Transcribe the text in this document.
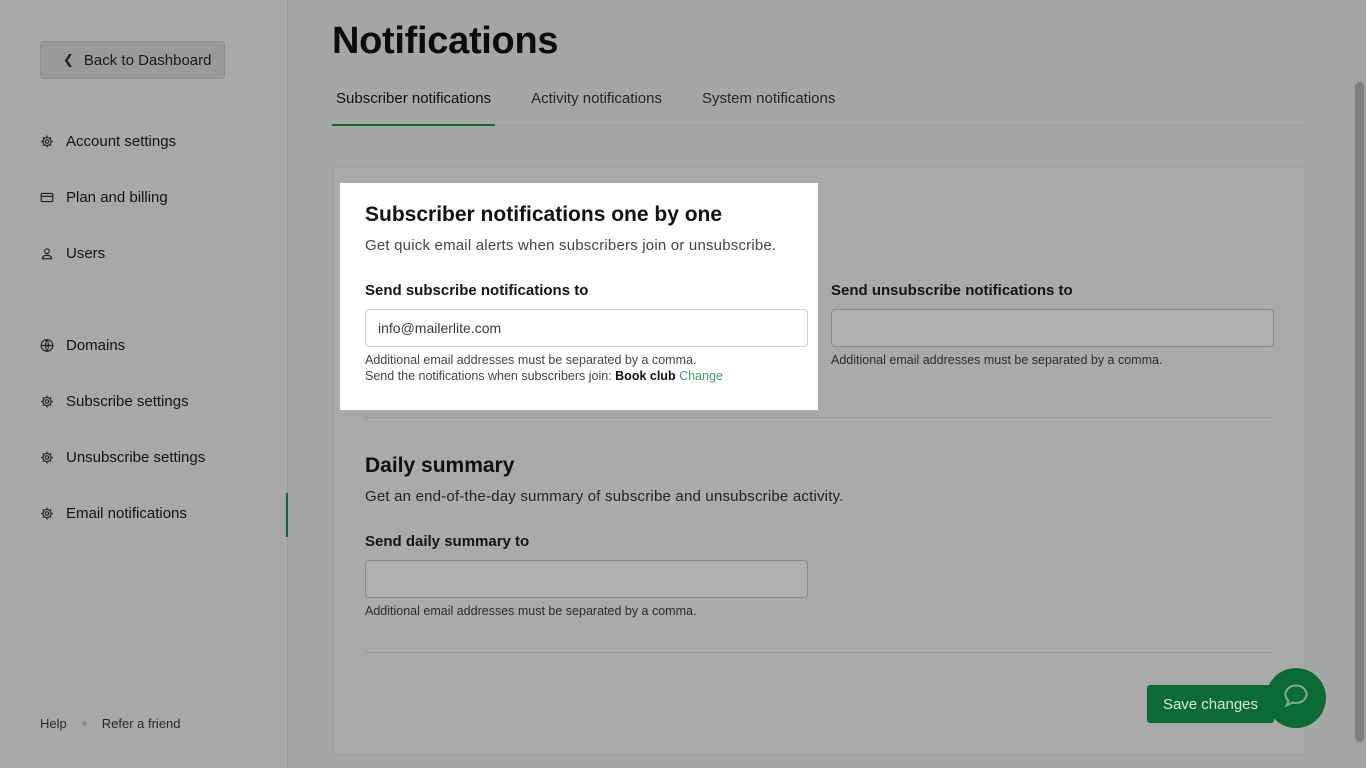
❮ Back to Dashboard
Account settings
Plan and billing
Users
Domains
Subscribe settings
Unsubscribe settings
Email notifications
Help	Refer a friend
Notifications
Subscriber notifications	Activity notifications	System notifications
Send unsubscribe notifications to
Additional email addresses must be separated by a comma.
Daily summary
Get an end-of-the-day summary of subscribe and unsubscribe activity.
Send daily summary to
Additional email addresses must be separated by a comma.
Save changes
Subscriber notifications one by one
Get quick email alerts when subscribers join or unsubscribe.
Send subscribe notifications to
info@mailerlite.com
Additional email addresses must be separated by a comma.
Send the notifications when subscribers join: Book club Change
